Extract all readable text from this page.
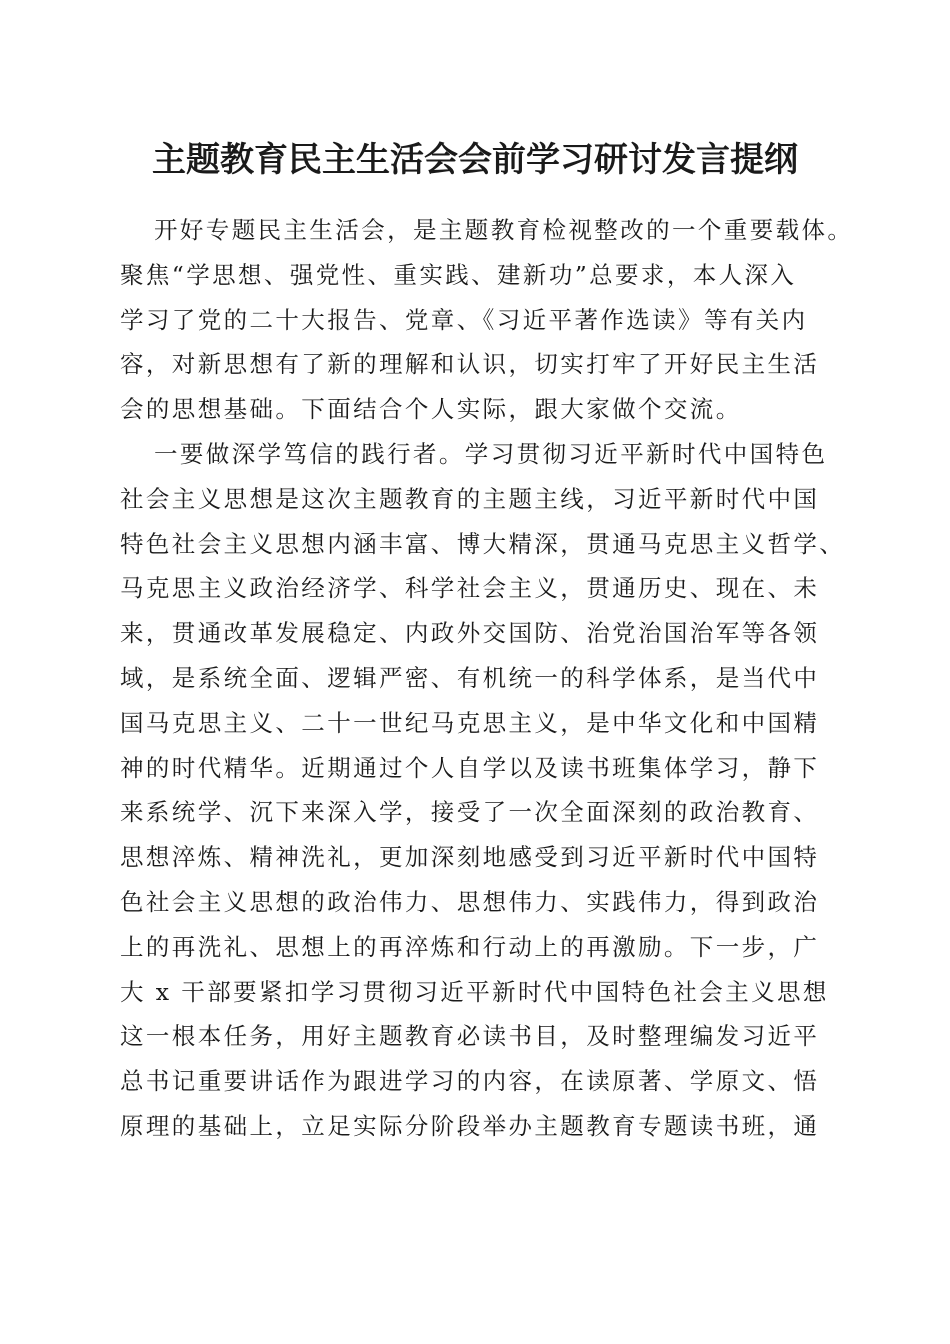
主题教育民主生活会会前学习研讨发言提纲

开好专题民主生活会，是主题教育检视整改的一个重要载体。
聚焦“学思想、强党性、重实践、建新功”总要求，本人深入
学习了党的二十大报告、党章、《习近平著作选读》等有关内
容，对新思想有了新的理解和认识，切实打牢了开好民主生活
会的思想基础。下面结合个人实际，跟大家做个交流。

一要做深学笃信的践行者。学习贯彻习近平新时代中国特色
社会主义思想是这次主题教育的主题主线，习近平新时代中国
特色社会主义思想内涵丰富、博大精深，贯通马克思主义哲学、
马克思主义政治经济学、科学社会主义，贯通历史、现在、未
来，贯通改革发展稳定、内政外交国防、治党治国治军等各领
域，是系统全面、逻辑严密、有机统一的科学体系，是当代中
国马克思主义、二十一世纪马克思主义，是中华文化和中国精
神的时代精华。近期通过个人自学以及读书班集体学习，静下
来系统学、沉下来深入学，接受了一次全面深刻的政治教育、
思想淬炼、精神洗礼，更加深刻地感受到习近平新时代中国特
色社会主义思想的政治伟力、思想伟力、实践伟力，得到政治
上的再洗礼、思想上的再淬炼和行动上的再激励。下一步，广
大 x 干部要紧扣学习贯彻习近平新时代中国特色社会主义思想
这一根本任务，用好主题教育必读书目，及时整理编发习近平
总书记重要讲话作为跟进学习的内容，在读原著、学原文、悟
原理的基础上，立足实际分阶段举办主题教育专题读书班，通
